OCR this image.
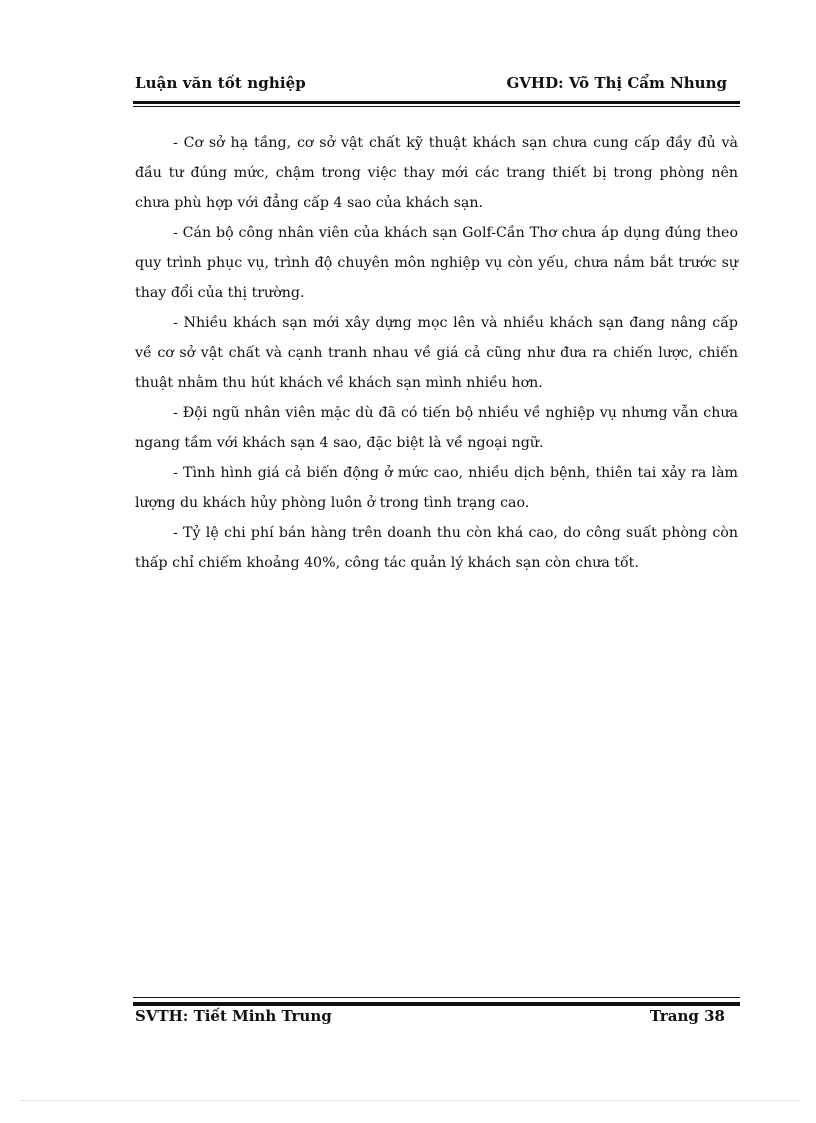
Luận văn tốt nghiệp	GVHD: Võ Thị Cẩm Nhung

- Cơ sở hạ tầng, cơ sở vật chất kỹ thuật khách sạn chưa cung cấp đầy đủ và đầu tư đúng mức, chậm trong việc thay mới các trang thiết bị trong phòng nên chưa phù hợp với đẳng cấp 4 sao của khách sạn.

- Cán bộ công nhân viên của khách sạn Golf-Cần Thơ chưa áp dụng đúng theo quy trình phục vụ, trình độ chuyên môn nghiệp vụ còn yếu, chưa nắm bắt trước sự thay đổi của thị trường.

- Nhiều khách sạn mới xây dựng mọc lên và nhiều khách sạn đang nâng cấp về cơ sở vật chất và cạnh tranh nhau về giá cả cũng như đưa ra chiến lược, chiến thuật nhằm thu hút khách về khách sạn mình nhiều hơn.

- Đội ngũ nhân viên mặc dù đã có tiến bộ nhiều về nghiệp vụ nhưng vẫn chưa ngang tầm với khách sạn 4 sao, đặc biệt là về ngoại ngữ.

- Tình hình giá cả biến động ở mức cao, nhiều dịch bệnh, thiên tai xảy ra làm lượng du khách hủy phòng luôn ở trong tình trạng cao.

- Tỷ lệ chi phí bán hàng trên doanh thu còn khá cao, do công suất phòng còn thấp chỉ chiếm khoảng 40%, công tác quản lý khách sạn còn chưa tốt.

SVTH: Tiết Minh Trung	Trang 38
